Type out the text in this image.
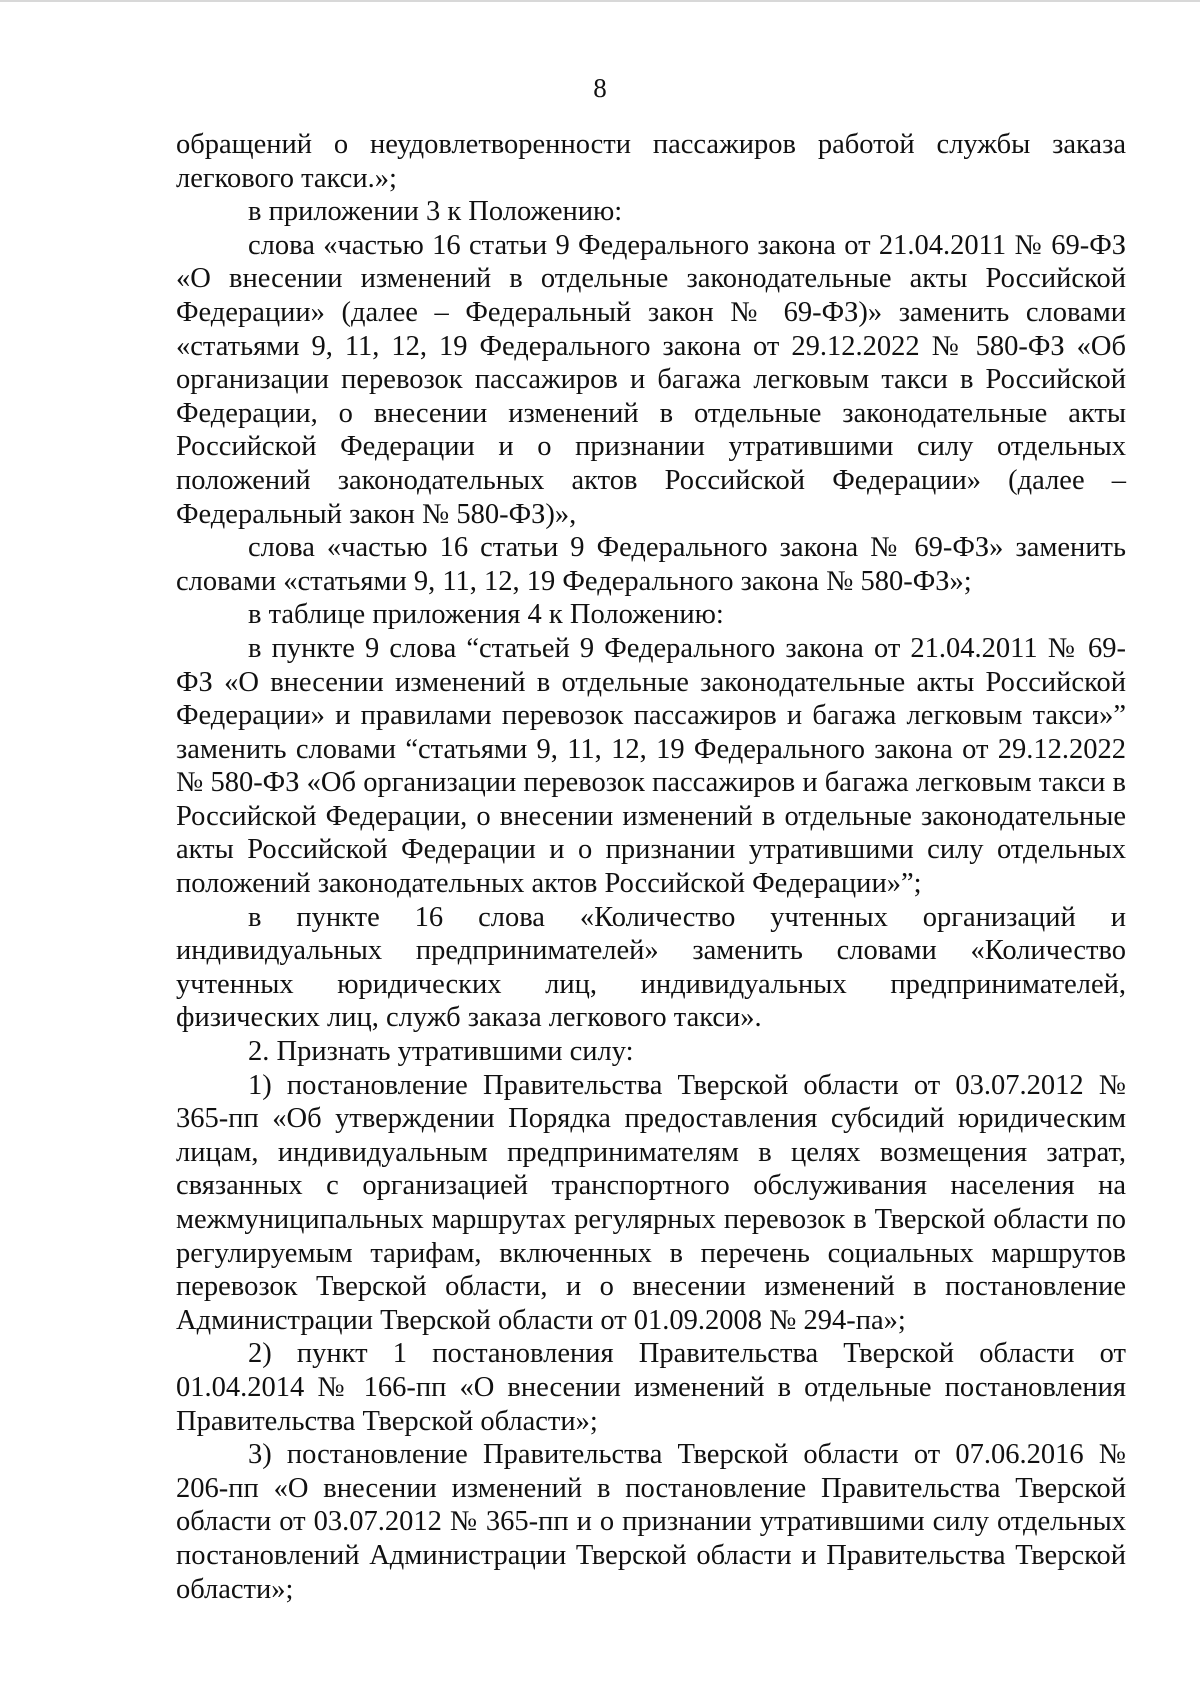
8

обращений о неудовлетворенности пассажиров работой службы заказа легкового такси.»;

в приложении 3 к Положению:

слова «частью 16 статьи 9 Федерального закона от 21.04.2011 № 69-ФЗ «О внесении изменений в отдельные законодательные акты Российской Федерации» (далее – Федеральный закон № 69-ФЗ)» заменить словами «статьями 9, 11, 12, 19 Федерального закона от 29.12.2022 № 580-ФЗ «Об организации перевозок пассажиров и багажа легковым такси в Российской Федерации, о внесении изменений в отдельные законодательные акты Российской Федерации и о признании утратившими силу отдельных положений законодательных актов Российской Федерации» (далее – Федеральный закон № 580-ФЗ)»,

слова «частью 16 статьи 9 Федерального закона № 69-ФЗ» заменить словами «статьями 9, 11, 12, 19 Федерального закона № 580-ФЗ»;

в таблице приложения 4 к Положению:

в пункте 9 слова “статьей 9 Федерального закона от 21.04.2011 № 69-ФЗ «О внесении изменений в отдельные законодательные акты Российской Федерации» и правилами перевозок пассажиров и багажа легковым такси»” заменить словами “статьями 9, 11, 12, 19 Федерального закона от 29.12.2022 № 580-ФЗ «Об организации перевозок пассажиров и багажа легковым такси в Российской Федерации, о внесении изменений в отдельные законодательные акты Российской Федерации и о признании утратившими силу отдельных положений законодательных актов Российской Федерации»”;

в пункте 16 слова «Количество учтенных организаций и индивидуальных предпринимателей» заменить словами «Количество учтенных юридических лиц, индивидуальных предпринимателей, физических лиц, служб заказа легкового такси».

2. Признать утратившими силу:

1) постановление Правительства Тверской области от 03.07.2012 № 365-пп «Об утверждении Порядка предоставления субсидий юридическим лицам, индивидуальным предпринимателям в целях возмещения затрат, связанных с организацией транспортного обслуживания населения на межмуниципальных маршрутах регулярных перевозок в Тверской области по регулируемым тарифам, включенных в перечень социальных маршрутов перевозок Тверской области, и о внесении изменений в постановление Администрации Тверской области от 01.09.2008 № 294-па»;

2) пункт 1 постановления Правительства Тверской области от 01.04.2014 № 166-пп «О внесении изменений в отдельные постановления Правительства Тверской области»;

3) постановление Правительства Тверской области от 07.06.2016 № 206-пп «О внесении изменений в постановление Правительства Тверской области от 03.07.2012 № 365-пп и о признании утратившими силу отдельных постановлений Администрации Тверской области и Правительства Тверской области»;
